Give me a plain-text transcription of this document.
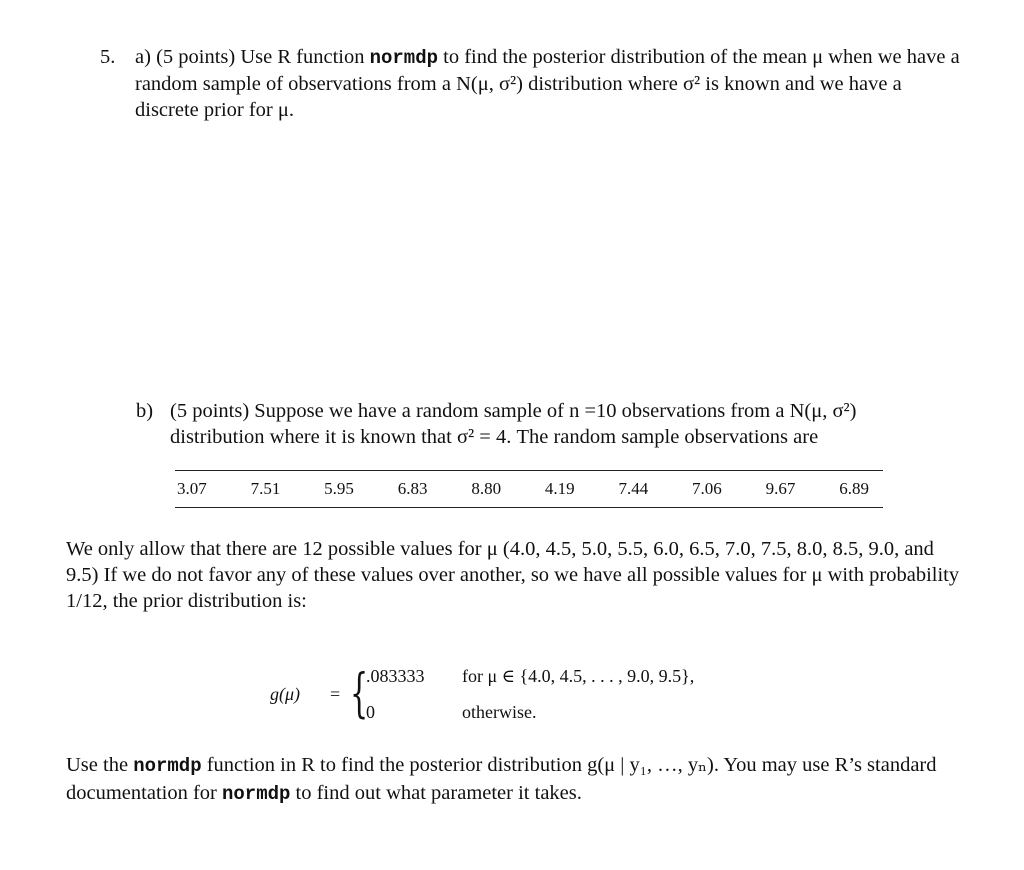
5. a) (5 points) Use R function normdp to find the posterior distribution of the mean μ when we have a random sample of observations from a N(μ, σ²) distribution where σ² is known and we have a discrete prior for μ.
b) (5 points) Suppose we have a random sample of n =10 observations from a N(μ, σ²) distribution where it is known that σ² = 4. The random sample observations are
3.07	7.51	5.95	6.83	8.80	4.19	7.44	7.06	9.67	6.89
We only allow that there are 12 possible values for μ (4.0, 4.5, 5.0, 5.5, 6.0, 6.5, 7.0, 7.5, 8.0, 8.5, 9.0, and 9.5) If we do not favor any of these values over another, so we have all possible values for μ with probability 1/12, the prior distribution is:
g(μ) = {
.083333 for μ ∈ {4.0, 4.5, . . . , 9.0, 9.5},
0	otherwise.
Use the normdp function in R to find the posterior distribution g(μ | y₁, …, yₙ). You may use R’s standard documentation for normdp to find out what parameter it takes.
